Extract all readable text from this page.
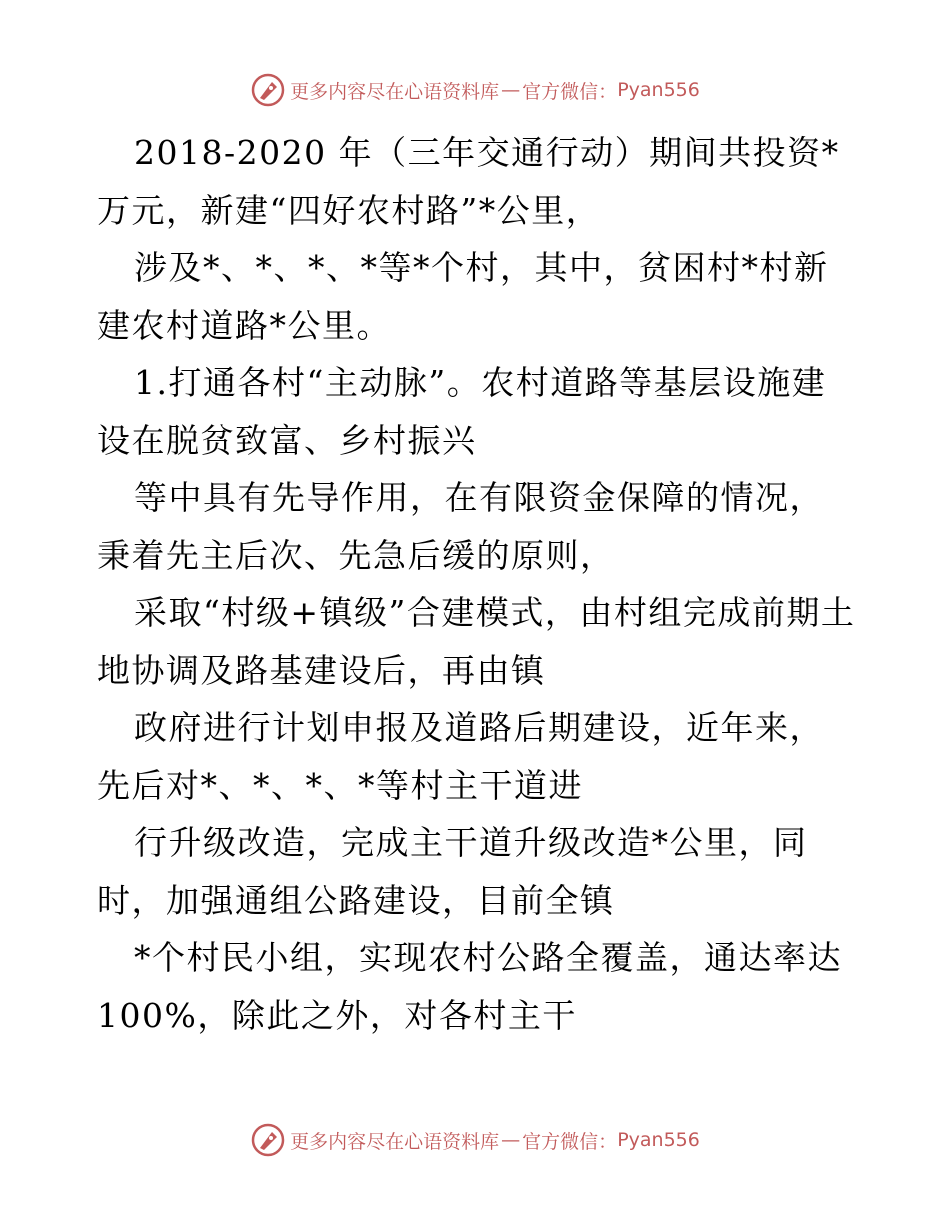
更多内容尽在心语资料库 — 官方微信： Pyan556

2018-2020 年（三年交通行动）期间共投资*万元，新建“四好农村路”*公里，

涉及*、*、*、*等*个村，其中，贫困村*村新建农村道路*公里。

1.打通各村“主动脉”。农村道路等基层设施建设在脱贫致富、乡村振兴

等中具有先导作用，在有限资金保障的情况，秉着先主后次、先急后缓的原则，

采取“村级+镇级”合建模式，由村组完成前期土地协调及路基建设后，再由镇

政府进行计划申报及道路后期建设，近年来，先后对*、*、*、*等村主干道进

行升级改造，完成主干道升级改造*公里，同时，加强通组公路建设，目前全镇

*个村民小组，实现农村公路全覆盖，通达率达100%，除此之外，对各村主干

更多内容尽在心语资料库 — 官方微信： Pyan556
